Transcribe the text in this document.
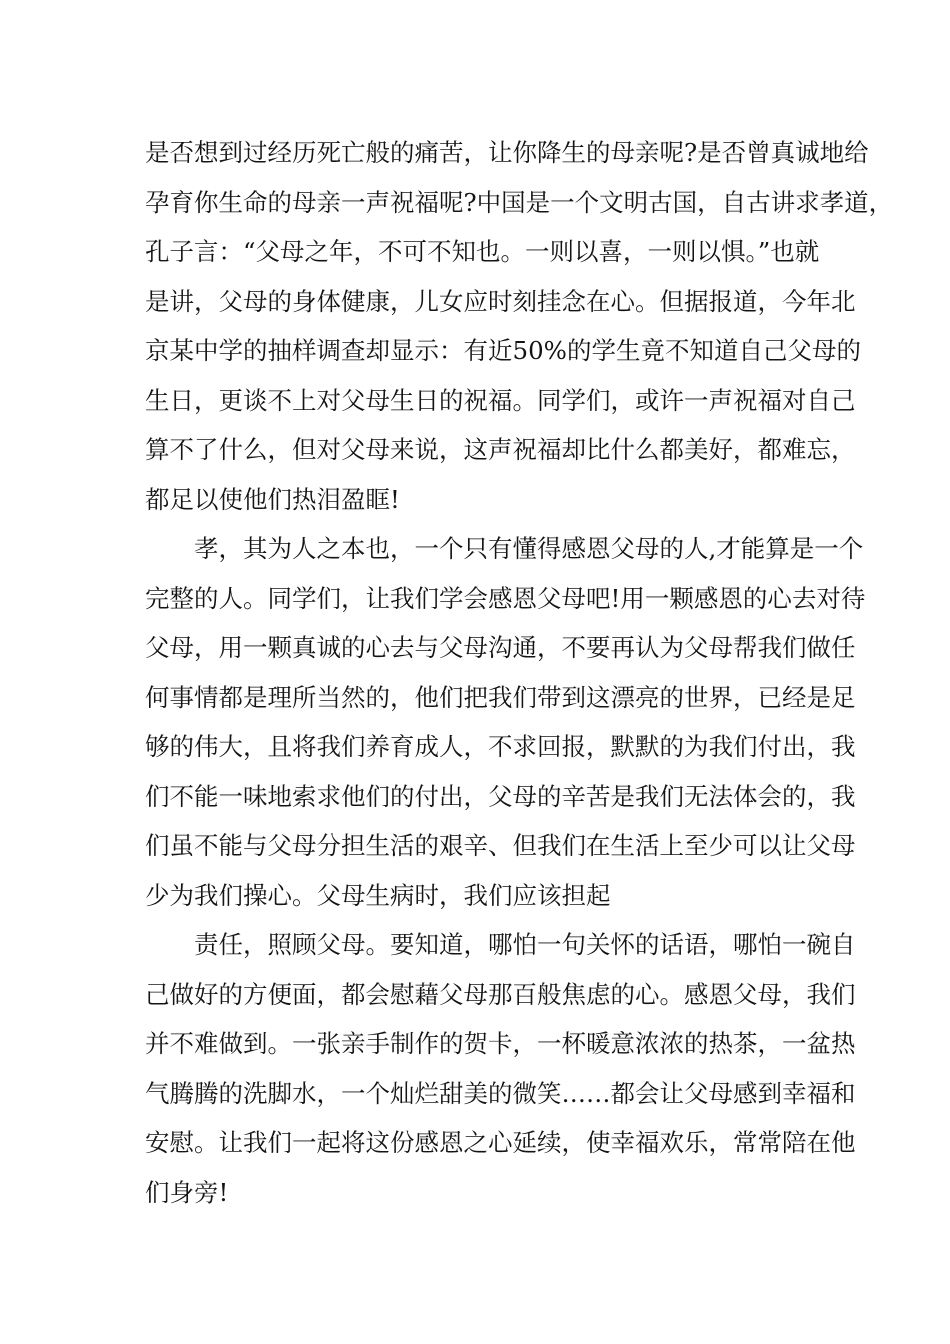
是否想到过经历死亡般的痛苦，让你降生的母亲呢?是否曾真诚地给
孕育你生命的母亲一声祝福呢?中国是一个文明古国，自古讲求孝道，
孔子言：“父母之年，不可不知也。一则以喜，一则以惧。”也就
是讲，父母的身体健康，儿女应时刻挂念在心。但据报道，今年北
京某中学的抽样调查却显示：有近50%的学生竟不知道自己父母的
生日，更谈不上对父母生日的祝福。同学们，或许一声祝福对自己
算不了什么，但对父母来说，这声祝福却比什么都美好，都难忘，
都足以使他们热泪盈眶!
孝，其为人之本也，一个只有懂得感恩父母的人,才能算是一个
完整的人。同学们，让我们学会感恩父母吧!用一颗感恩的心去对待
父母，用一颗真诚的心去与父母沟通，不要再认为父母帮我们做任
何事情都是理所当然的，他们把我们带到这漂亮的世界，已经是足
够的伟大，且将我们养育成人，不求回报，默默的为我们付出，我
们不能一味地索求他们的付出，父母的辛苦是我们无法体会的，我
们虽不能与父母分担生活的艰辛、但我们在生活上至少可以让父母
少为我们操心。父母生病时，我们应该担起
责任，照顾父母。要知道，哪怕一句关怀的话语，哪怕一碗自
己做好的方便面，都会慰藉父母那百般焦虑的心。感恩父母，我们
并不难做到。一张亲手制作的贺卡，一杯暖意浓浓的热茶，一盆热
气腾腾的洗脚水，一个灿烂甜美的微笑……都会让父母感到幸福和
安慰。让我们一起将这份感恩之心延续，使幸福欢乐，常常陪在他
们身旁!
